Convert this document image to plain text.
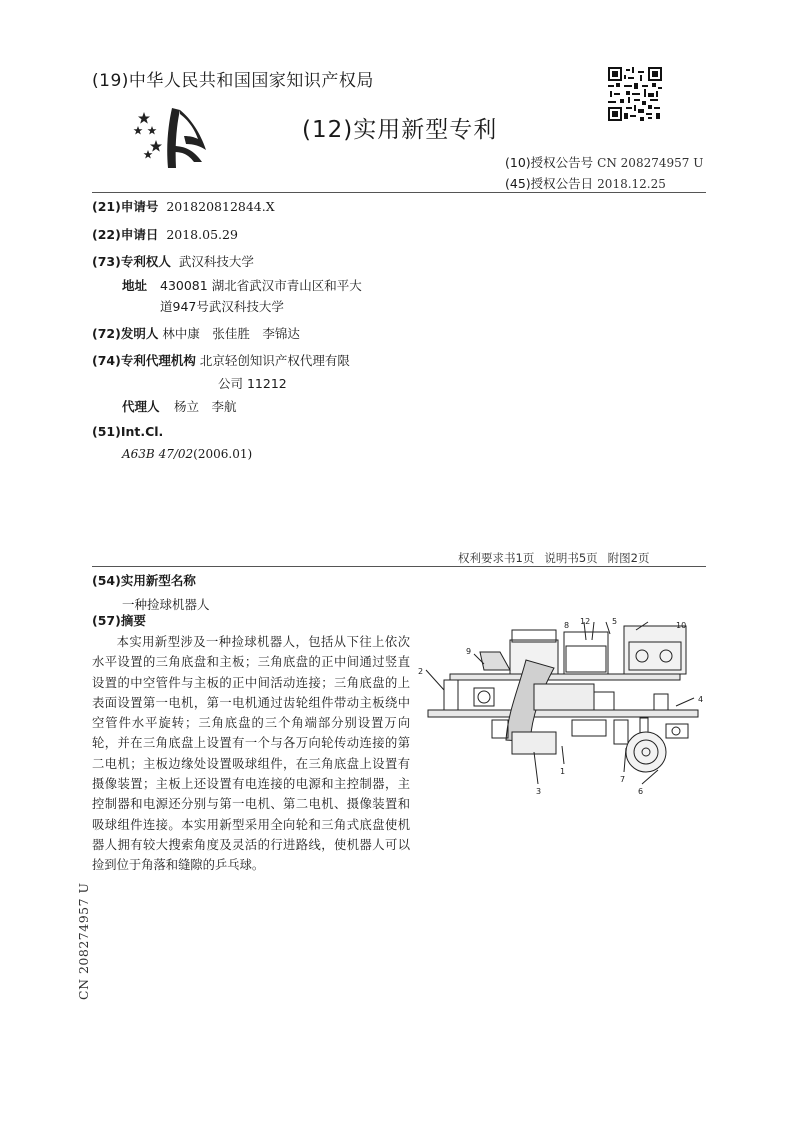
(19)中华人民共和国国家知识产权局
(12)实用新型专利
(10)授权公告号 CN 208274957 U
(45)授权公告日 2018.12.25
(21)申请号 201820812844.X
(22)申请日 2018.05.29
(73)专利权人 武汉科技大学
地址 430081 湖北省武汉市青山区和平大
道947号武汉科技大学
(72)发明人 林中康　张佳胜　李锦达
(74)专利代理机构 北京轻创知识产权代理有限
公司 11212
代理人 杨立　李航
(51)Int.Cl.
A63B 47/02(2006.01)
权利要求书1页 说明书5页 附图2页
(54)实用新型名称
一种捡球机器人
(57)摘要
本实用新型涉及一种捡球机器人，包括从下往上依次水平设置的三角底盘和主板；三角底盘的正中间通过竖直设置的中空管件与主板的正中间活动连接；三角底盘的上表面设置第一电机，第一电机通过齿轮组件带动主板绕中空管件水平旋转；三角底盘的三个角端部分别设置万向轮，并在三角底盘上设置有一个与各万向轮传动连接的第二电机；主板边缘处设置吸球组件，在三角底盘上设置有摄像装置；主板上还设置有电连接的电源和主控制器，主控制器和电源还分别与第一电机、第二电机、摄像装置和吸球组件连接。本实用新型采用全向轮和三角式底盘使机器人拥有较大搜索角度及灵活的行进路线，使机器人可以捡到位于角落和缝隙的乒乓球。
8 12	5	10
2
9
4
3
1
7
6
CN 208274957 U
